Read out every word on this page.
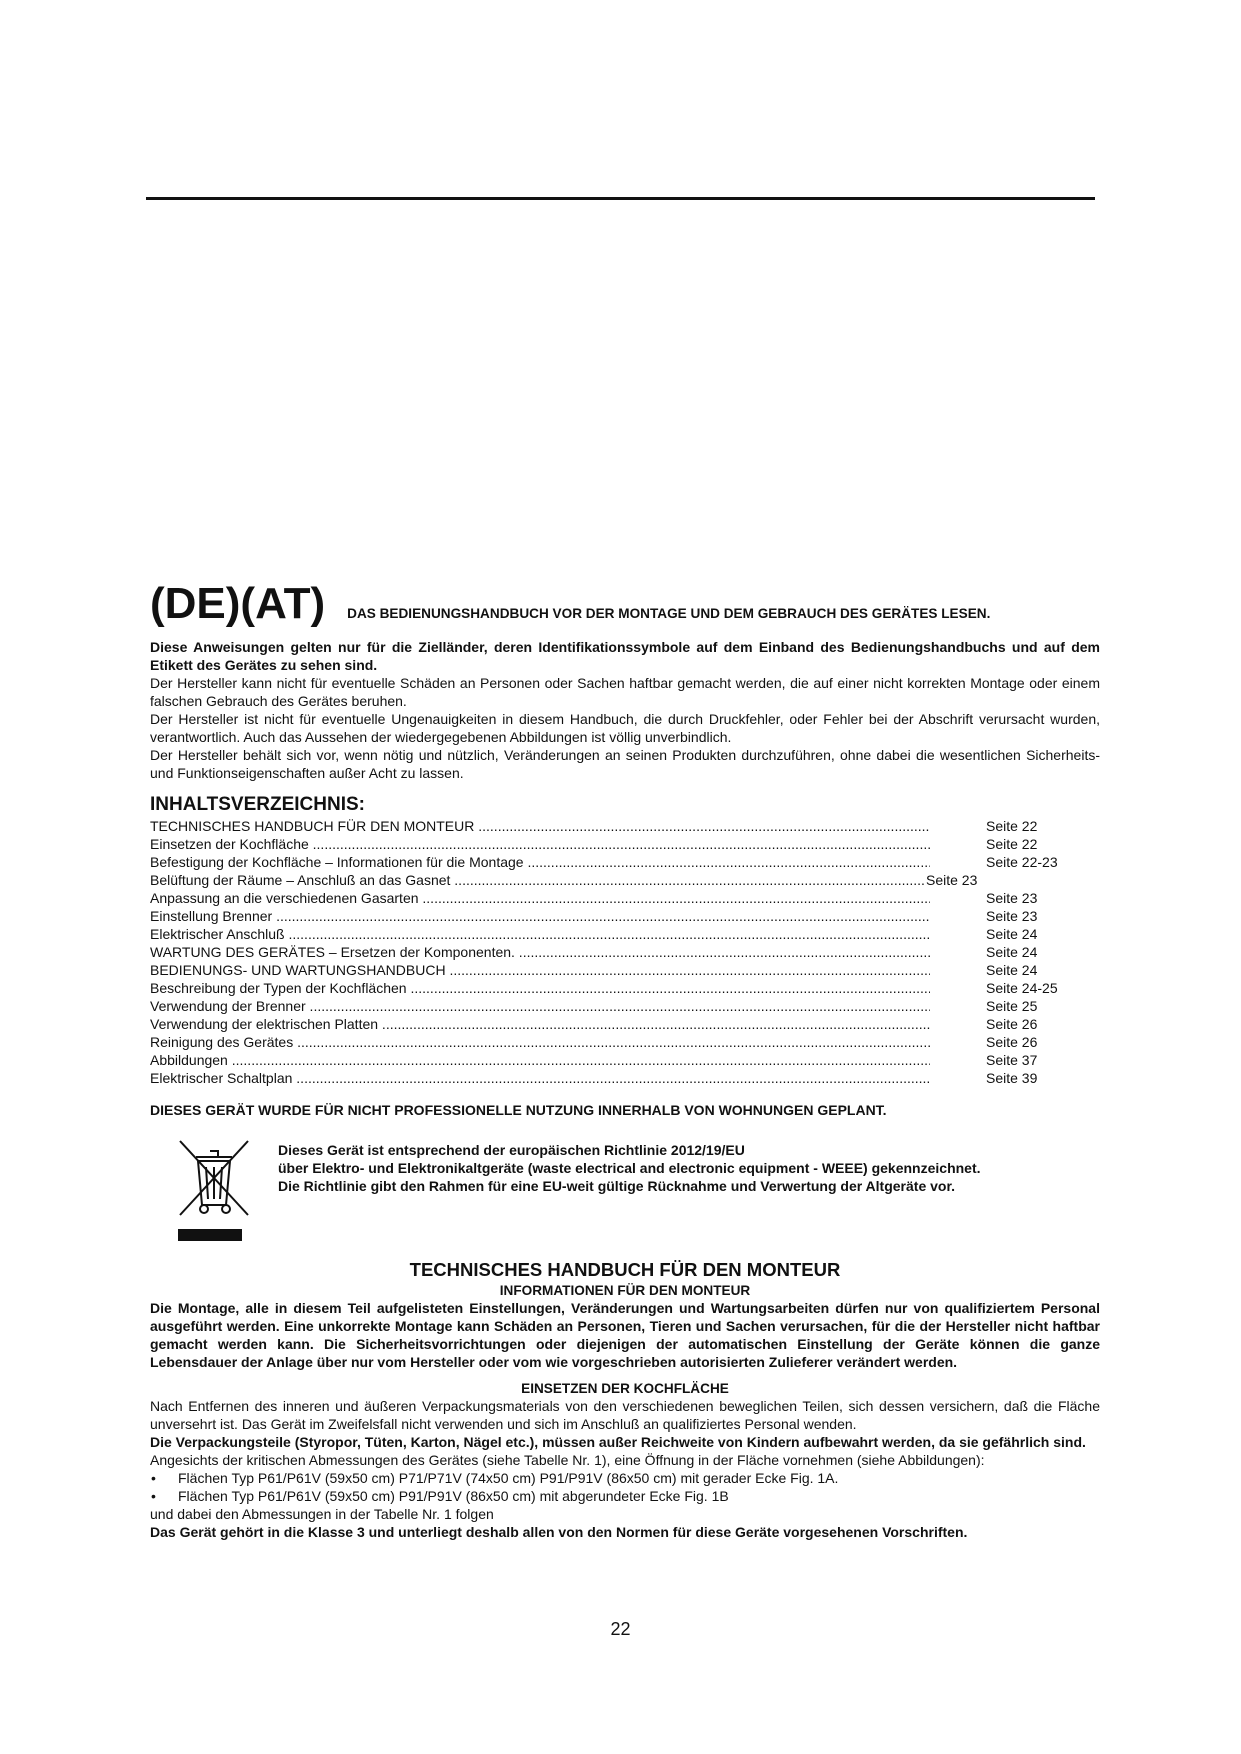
(DE)(AT) DAS BEDIENUNGSHANDBUCH VOR DER MONTAGE UND DEM GEBRAUCH DES GERÄTES LESEN.

Diese Anweisungen gelten nur für die Zielländer, deren Identifikationssymbole auf dem Einband des Bedienungshandbuchs und auf dem Etikett des Gerätes zu sehen sind.

Der Hersteller kann nicht für eventuelle Schäden an Personen oder Sachen haftbar gemacht werden, die auf einer nicht korrekten Montage oder einem falschen Gebrauch des Gerätes beruhen.

Der Hersteller ist nicht für eventuelle Ungenauigkeiten in diesem Handbuch, die durch Druckfehler, oder Fehler bei der Abschrift verursacht wurden, verantwortlich. Auch das Aussehen der wiedergegebenen Abbildungen ist völlig unverbindlich.

Der Hersteller behält sich vor, wenn nötig und nützlich, Veränderungen an seinen Produkten durchzuführen, ohne dabei die wesentlichen Sicherheits- und Funktionseigenschaften außer Acht zu lassen.

INHALTSVERZEICHNIS:
TECHNISCHES HANDBUCH FÜR DEN MONTEUR .....	Seite 22
Einsetzen der Kochfläche .....	Seite 22
Befestigung der Kochfläche – Informationen für die Montage .....	Seite 22-23
Belüftung der Räume – Anschluß an das Gasnet .....	Seite 23
Anpassung an die verschiedenen Gasarten .....	Seite 23
Einstellung Brenner .....	Seite 23
Elektrischer Anschluß .....	Seite 24
WARTUNG DES GERÄTES – Ersetzen der Komponenten. .....	Seite 24
BEDIENUNGS- UND WARTUNGSHANDBUCH .....	Seite 24
Beschreibung der Typen der Kochflächen .....	Seite 24-25
Verwendung der Brenner .....	Seite 25
Verwendung der elektrischen Platten .....	Seite 26
Reinigung des Gerätes .....	Seite 26
Abbildungen .....	Seite 37
Elektrischer Schaltplan .....	Seite 39
DIESES GERÄT WURDE FÜR NICHT PROFESSIONELLE NUTZUNG INNERHALB VON WOHNUNGEN GEPLANT.
Dieses Gerät ist entsprechend der europäischen Richtlinie 2012/19/EU
über Elektro- und Elektronikaltgeräte (waste electrical and electronic equipment - WEEE) gekennzeichnet.
Die Richtlinie gibt den Rahmen für eine EU-weit gültige Rücknahme und Verwertung der Altgeräte vor.
TECHNISCHES HANDBUCH FÜR DEN MONTEUR
INFORMATIONEN FÜR DEN MONTEUR

Die Montage, alle in diesem Teil aufgelisteten Einstellungen, Veränderungen und Wartungsarbeiten dürfen nur von qualifiziertem Personal ausgeführt werden. Eine unkorrekte Montage kann Schäden an Personen, Tieren und Sachen verursachen, für die der Hersteller nicht haftbar gemacht werden kann. Die Sicherheitsvorrichtungen oder diejenigen der automatischen Einstellung der Geräte können die ganze Lebensdauer der Anlage über nur vom Hersteller oder vom wie vorgeschrieben autorisierten Zulieferer verändert werden.

EINSETZEN DER KOCHFLÄCHE

Nach Entfernen des inneren und äußeren Verpackungsmaterials von den verschiedenen beweglichen Teilen, sich dessen versichern, daß die Fläche unversehrt ist. Das Gerät im Zweifelsfall nicht verwenden und sich im Anschluß an qualifiziertes Personal wenden.

Die Verpackungsteile (Styropor, Tüten, Karton, Nägel etc.), müssen außer Reichweite von Kindern aufbewahrt werden, da sie gefährlich sind.

Angesichts der kritischen Abmessungen des Gerätes (siehe Tabelle Nr. 1), eine Öffnung in der Fläche vornehmen (siehe Abbildungen):

• Flächen Typ P61/P61V (59x50 cm) P71/P71V (74x50 cm) P91/P91V (86x50 cm) mit gerader Ecke Fig. 1A.
• Flächen Typ P61/P61V (59x50 cm) P91/P91V (86x50 cm) mit abgerundeter Ecke Fig. 1B

und dabei den Abmessungen in der Tabelle Nr. 1 folgen

Das Gerät gehört in die Klasse 3 und unterliegt deshalb allen von den Normen für diese Geräte vorgesehenen Vorschriften.

22
